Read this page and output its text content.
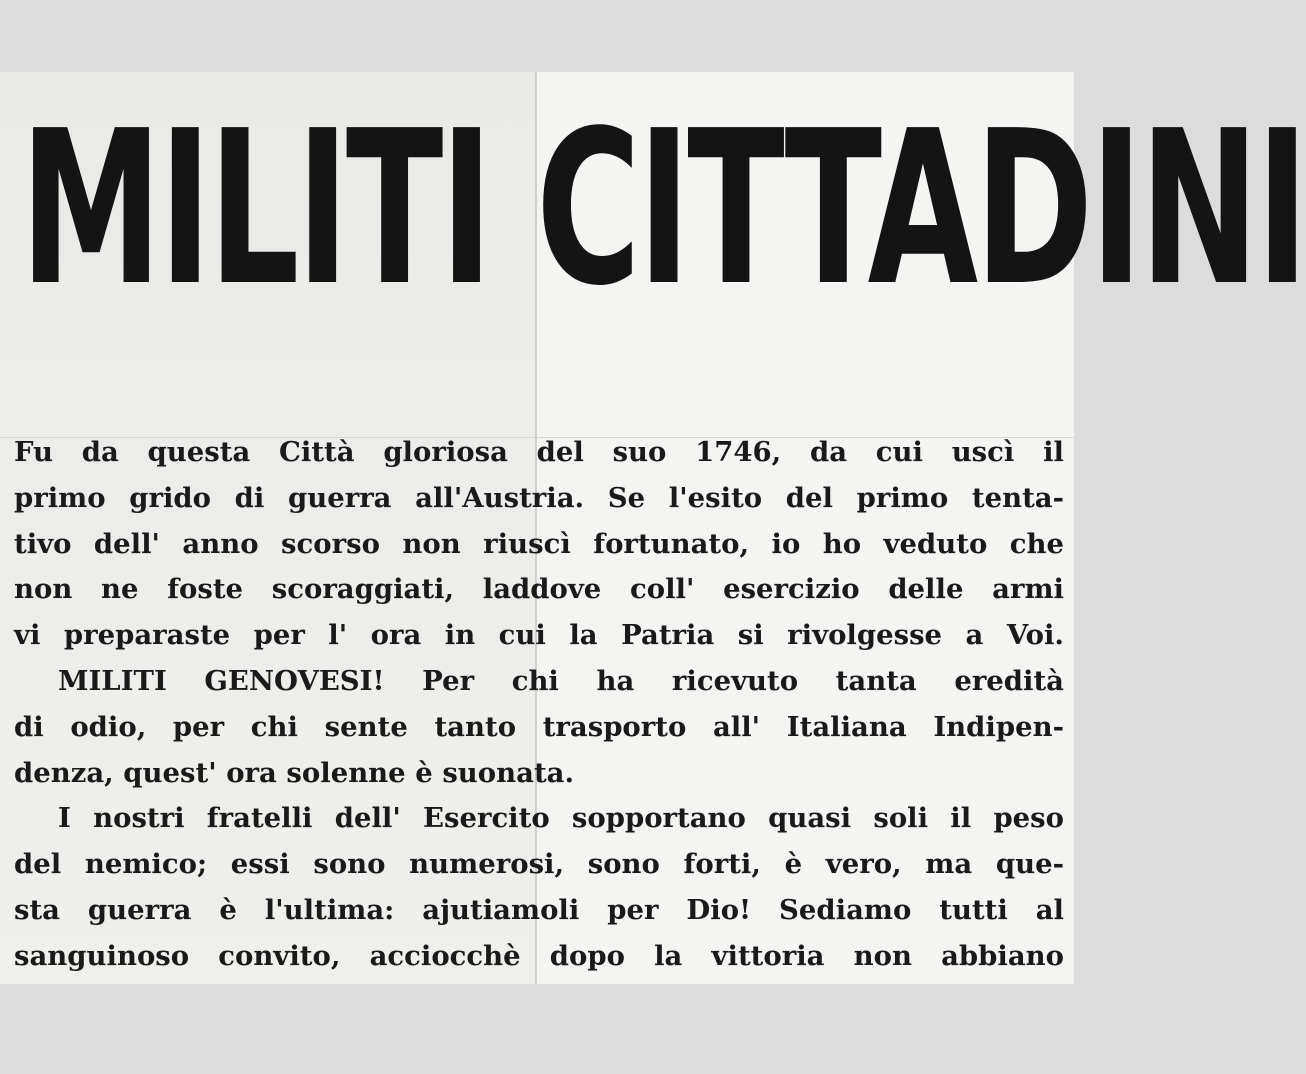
MILITI CITTADINI
Fu da questa Città gloriosa del suo 1746, da cui uscì il
primo grido di guerra all'Austria. Se l'esito del primo tenta-
tivo dell' anno scorso non riuscì fortunato, io ho veduto che
non ne foste scoraggiati, laddove coll' esercizio delle armi
vi preparaste per l' ora in cui la Patria si rivolgesse a Voi.
MILITI GENOVESI! Per chi ha ricevuto tanta eredità
di odio, per chi sente tanto trasporto all' Italiana Indipen-
denza, quest' ora solenne è suonata.
I nostri fratelli dell' Esercito sopportano quasi soli il peso
del nemico; essi sono numerosi, sono forti, è vero, ma que-
sta guerra è l'ultima: ajutiamoli per Dio! Sediamo tutti al
sanguinoso convito, acciocchè dopo la vittoria non abbiano
